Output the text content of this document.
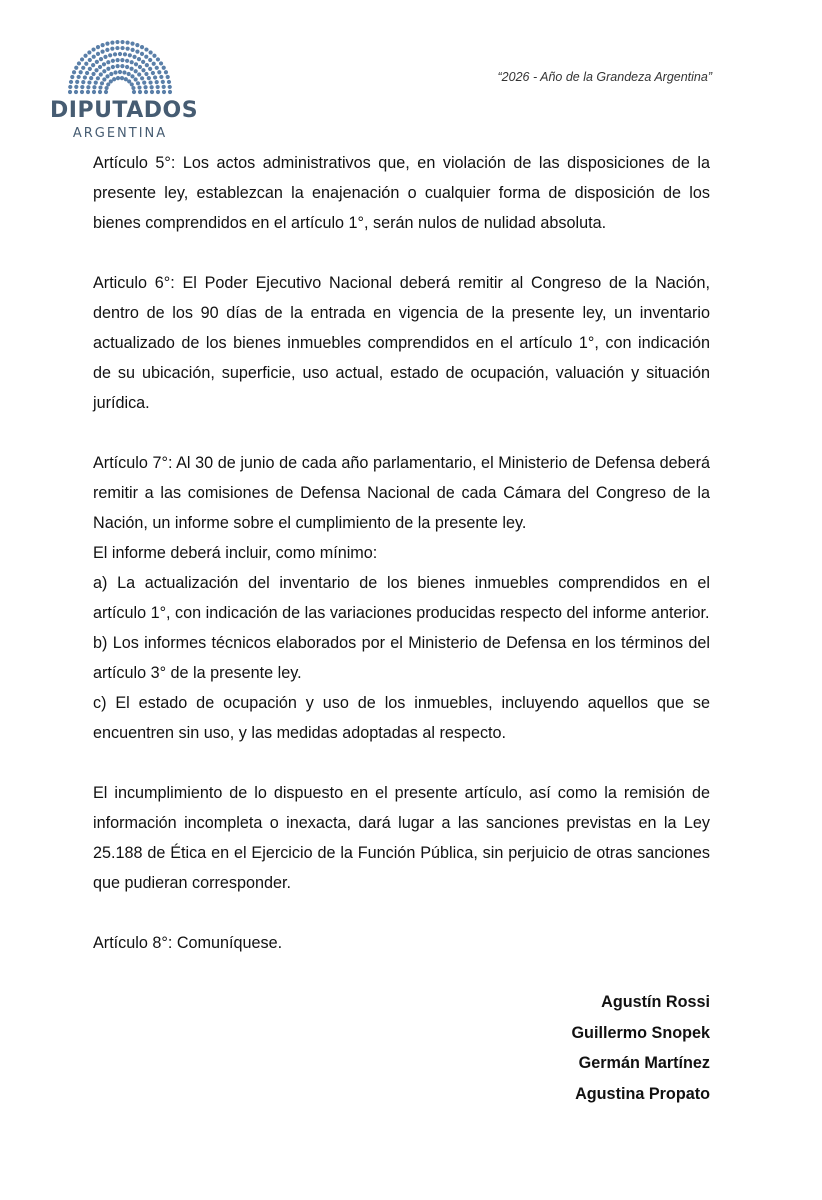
DIPUTADOS
ARGENTINA
“2026 - Año de la Grandeza Argentina”

Artículo 5°: Los actos administrativos que, en violación de las disposiciones de la presente ley, establezcan la enajenación o cualquier forma de disposición de los bienes comprendidos en el artículo 1°, serán nulos de nulidad absoluta.

Articulo 6°: El Poder Ejecutivo Nacional deberá remitir al Congreso de la Nación, dentro de los 90 días de la entrada en vigencia de la presente ley, un inventario actualizado de los bienes inmuebles comprendidos en el artículo 1°, con indicación de su ubicación, superficie, uso actual, estado de ocupación, valuación y situación jurídica.

Artículo 7°: Al 30 de junio de cada año parlamentario, el Ministerio de Defensa deberá remitir a las comisiones de Defensa Nacional de cada Cámara del Congreso de la Nación, un informe sobre el cumplimiento de la presente ley.

El informe deberá incluir, como mínimo:

a) La actualización del inventario de los bienes inmuebles comprendidos en el artículo 1°, con indicación de las variaciones producidas respecto del informe anterior.

b) Los informes técnicos elaborados por el Ministerio de Defensa en los términos del artículo 3° de la presente ley.

c) El estado de ocupación y uso de los inmuebles, incluyendo aquellos que se encuentren sin uso, y las medidas adoptadas al respecto.

El incumplimiento de lo dispuesto en el presente artículo, así como la remisión de información incompleta o inexacta, dará lugar a las sanciones previstas en la Ley 25.188 de Ética en el Ejercicio de la Función Pública, sin perjuicio de otras sanciones que pudieran corresponder.

Artículo 8°: Comuníquese.

Agustín Rossi
Guillermo Snopek
Germán Martínez
Agustina Propato
